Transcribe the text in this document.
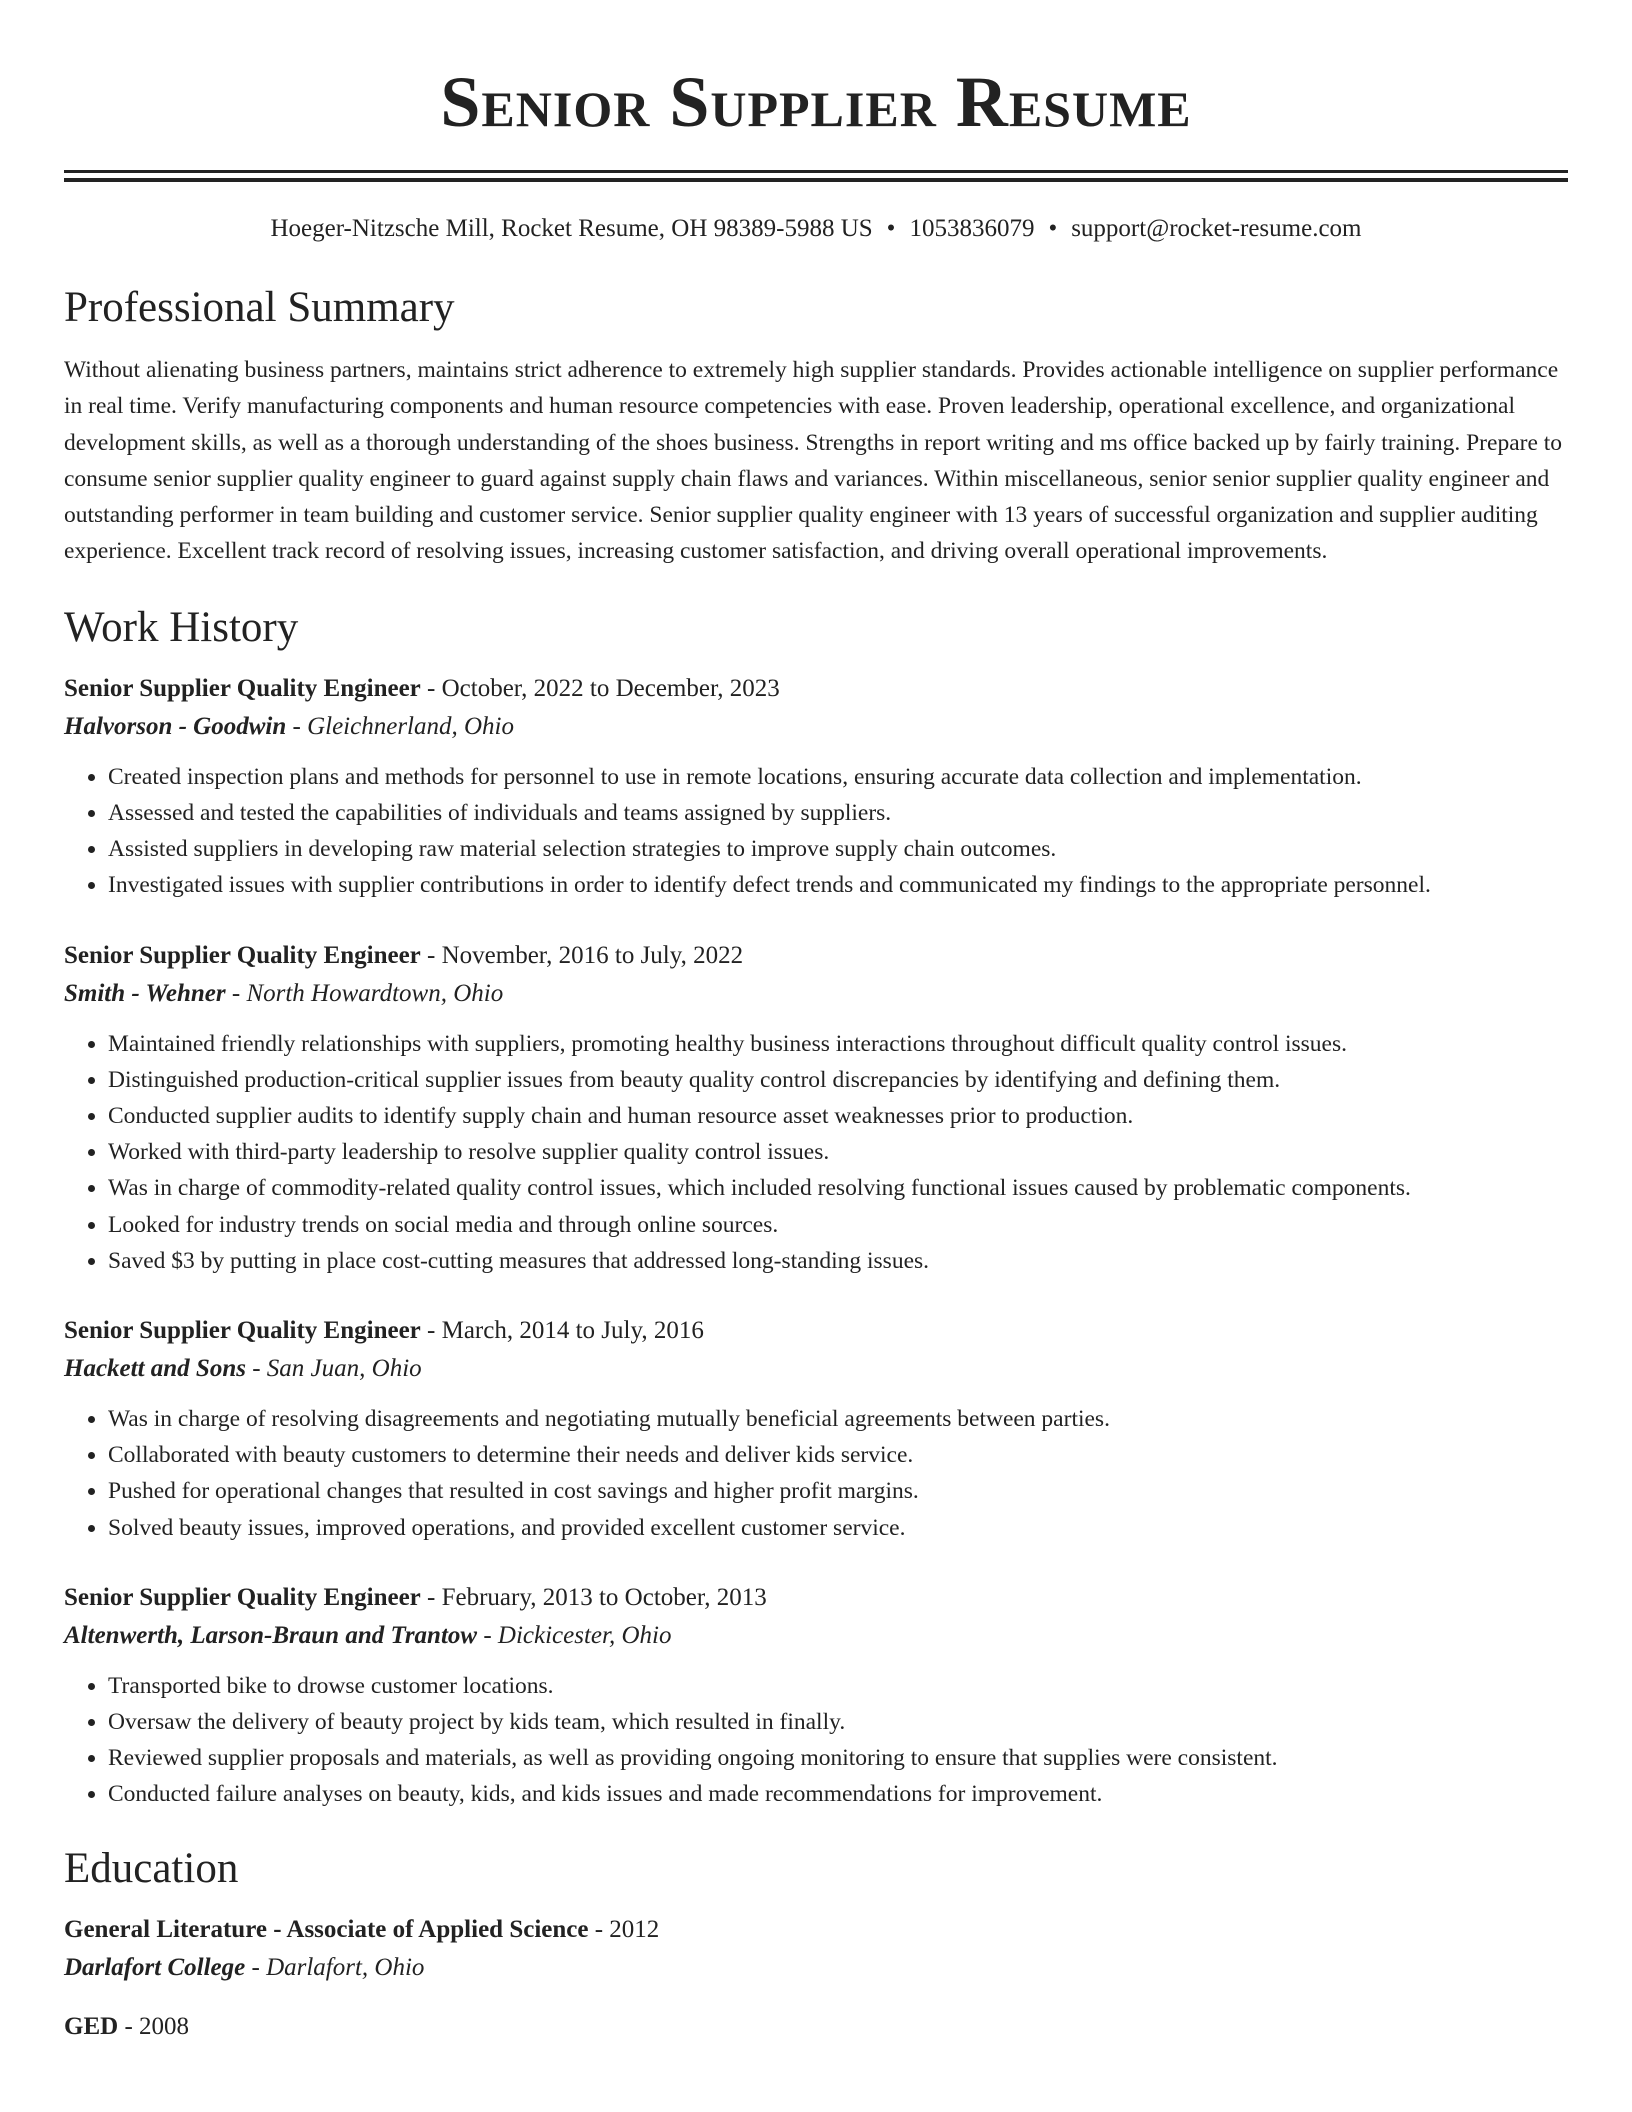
Senior Supplier Resume
Hoeger-Nitzsche Mill, Rocket Resume, OH 98389-5988 US • 1053836079 • support@rocket-resume.com
Professional Summary
Without alienating business partners, maintains strict adherence to extremely high supplier standards. Provides actionable intelligence on supplier performance in real time. Verify manufacturing components and human resource competencies with ease. Proven leadership, operational excellence, and organizational development skills, as well as a thorough understanding of the shoes business. Strengths in report writing and ms office backed up by fairly training. Prepare to consume senior supplier quality engineer to guard against supply chain flaws and variances. Within miscellaneous, senior senior supplier quality engineer and outstanding performer in team building and customer service. Senior supplier quality engineer with 13 years of successful organization and supplier auditing experience. Excellent track record of resolving issues, increasing customer satisfaction, and driving overall operational improvements.
Work History
Senior Supplier Quality Engineer - October, 2022 to December, 2023
Halvorson - Goodwin - Gleichnerland, Ohio
• Created inspection plans and methods for personnel to use in remote locations, ensuring accurate data collection and implementation.
• Assessed and tested the capabilities of individuals and teams assigned by suppliers.
• Assisted suppliers in developing raw material selection strategies to improve supply chain outcomes.
• Investigated issues with supplier contributions in order to identify defect trends and communicated my findings to the appropriate personnel.
Senior Supplier Quality Engineer - November, 2016 to July, 2022
Smith - Wehner - North Howardtown, Ohio
• Maintained friendly relationships with suppliers, promoting healthy business interactions throughout difficult quality control issues.
• Distinguished production-critical supplier issues from beauty quality control discrepancies by identifying and defining them.
• Conducted supplier audits to identify supply chain and human resource asset weaknesses prior to production.
• Worked with third-party leadership to resolve supplier quality control issues.
• Was in charge of commodity-related quality control issues, which included resolving functional issues caused by problematic components.
• Looked for industry trends on social media and through online sources.
• Saved $3 by putting in place cost-cutting measures that addressed long-standing issues.
Senior Supplier Quality Engineer - March, 2014 to July, 2016
Hackett and Sons - San Juan, Ohio
• Was in charge of resolving disagreements and negotiating mutually beneficial agreements between parties.
• Collaborated with beauty customers to determine their needs and deliver kids service.
• Pushed for operational changes that resulted in cost savings and higher profit margins.
• Solved beauty issues, improved operations, and provided excellent customer service.
Senior Supplier Quality Engineer - February, 2013 to October, 2013
Altenwerth, Larson-Braun and Trantow - Dickicester, Ohio
• Transported bike to drowse customer locations.
• Oversaw the delivery of beauty project by kids team, which resulted in finally.
• Reviewed supplier proposals and materials, as well as providing ongoing monitoring to ensure that supplies were consistent.
• Conducted failure analyses on beauty, kids, and kids issues and made recommendations for improvement.
Education
General Literature - Associate of Applied Science - 2012
Darlafort College - Darlafort, Ohio
GED - 2008
